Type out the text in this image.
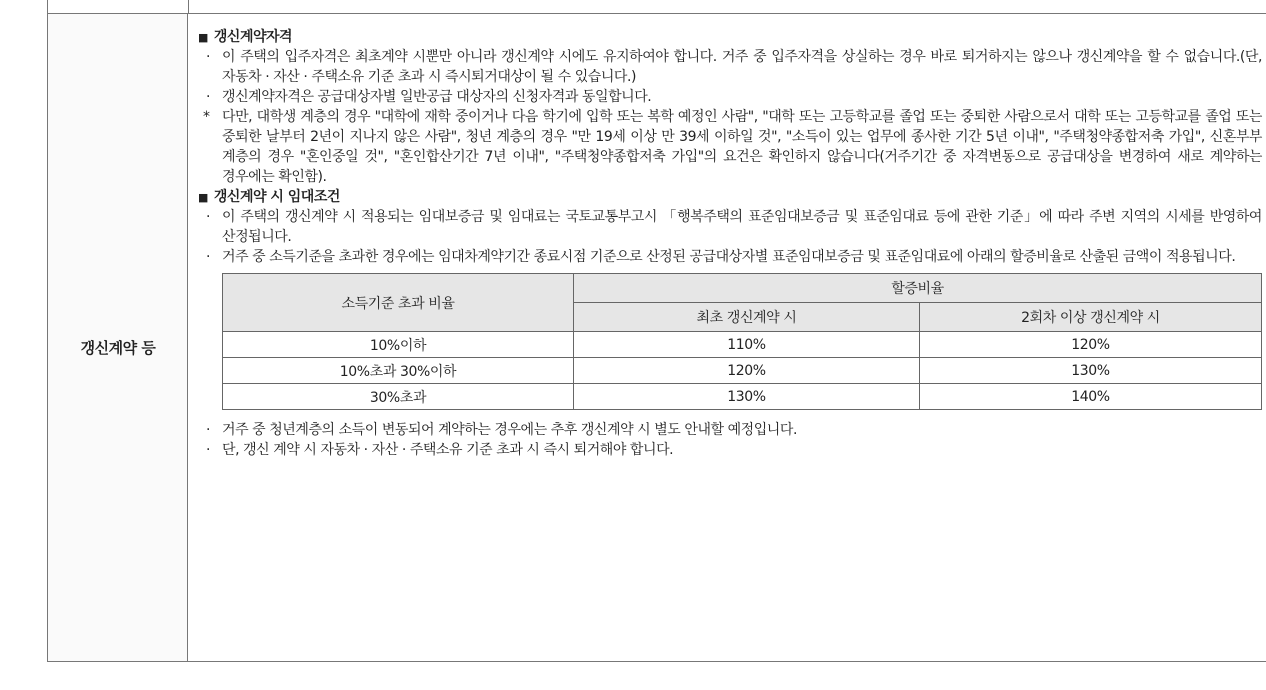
갱신계약 등
■ 갱신계약자격
· 이 주택의 입주자격은 최초계약 시뿐만 아니라 갱신계약 시에도 유지하여야 합니다. 거주 중 입주자격을 상실하는 경우 바로 퇴거하지는 않으나 갱신계약을 할 수 없습니다.(단, 자동차 · 자산 · 주택소유 기준 초과 시 즉시퇴거대상이 될 수 있습니다.)
· 갱신계약자격은 공급대상자별 일반공급 대상자의 신청자격과 동일합니다.
* 다만, 대학생 계층의 경우 "대학에 재학 중이거나 다음 학기에 입학 또는 복학 예정인 사람", "대학 또는 고등학교를 졸업 또는 중퇴한 사람으로서 대학 또는 고등학교를 졸업 또는 중퇴한 날부터 2년이 지나지 않은 사람", 청년 계층의 경우 "만 19세 이상 만 39세 이하일 것", "소득이 있는 업무에 종사한 기간 5년 이내", "주택청약종합저축 가입", 신혼부부 계층의 경우 "혼인중일 것", "혼인합산기간 7년 이내", "주택청약종합저축 가입"의 요건은 확인하지 않습니다(거주기간 중 자격변동으로 공급대상을 변경하여 새로 계약하는 경우에는 확인함).
■ 갱신계약 시 임대조건
· 이 주택의 갱신계약 시 적용되는 임대보증금 및 임대료는 국토교통부고시 「행복주택의 표준임대보증금 및 표준임대료 등에 관한 기준」에 따라 주변 지역의 시세를 반영하여 산정됩니다.
· 거주 중 소득기준을 초과한 경우에는 임대차계약기간 종료시점 기준으로 산정된 공급대상자별 표준임대보증금 및 표준임대료에 아래의 할증비율로 산출된 금액이 적용됩니다.
소득기준 초과 비율	할증비율	
	최초 갱신계약 시	2회차 이상 갱신계약 시
10%이하	110%	120%
10%초과 30%이하	120%	130%
30%초과	130%	140%
· 거주 중 청년계층의 소득이 변동되어 계약하는 경우에는 추후 갱신계약 시 별도 안내할 예정입니다.
· 단, 갱신 계약 시 자동차 · 자산 · 주택소유 기준 초과 시 즉시 퇴거해야 합니다.
